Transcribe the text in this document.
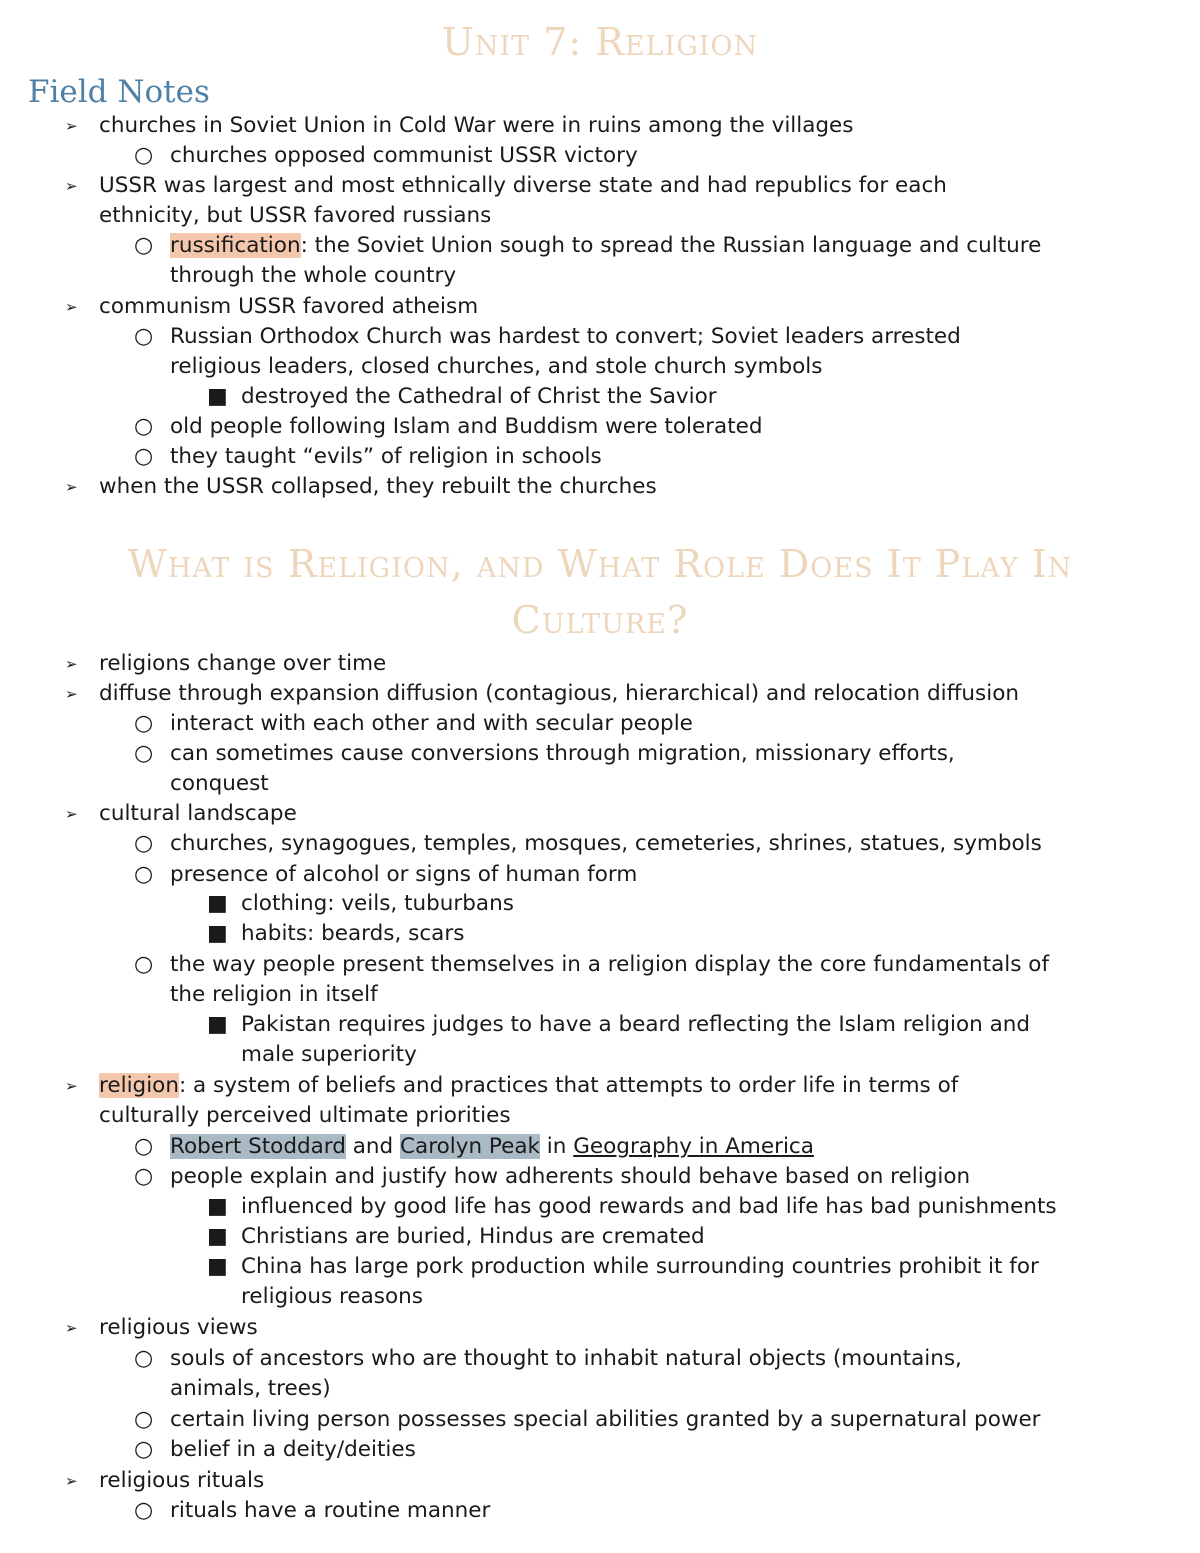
Unit 7: Religion
Field Notes
➢ churches in Soviet Union in Cold War were in ruins among the villages
○ churches opposed communist USSR victory
➢ USSR was largest and most ethnically diverse state and had republics for each
ethnicity, but USSR favored russians
○ russification: the Soviet Union sough to spread the Russian language and culture
through the whole country
➢ communism USSR favored atheism
○ Russian Orthodox Church was hardest to convert; Soviet leaders arrested
religious leaders, closed churches, and stole church symbols
■ destroyed the Cathedral of Christ the Savior
○ old people following Islam and Buddism were tolerated
○ they taught “evils” of religion in schools
➢ when the USSR collapsed, they rebuilt the churches
What is Religion, and What Role Does It Play In Culture?
➢ religions change over time
➢ diffuse through expansion diffusion (contagious, hierarchical) and relocation diffusion
○ interact with each other and with secular people
○ can sometimes cause conversions through migration, missionary efforts,
conquest
➢ cultural landscape
○ churches, synagogues, temples, mosques, cemeteries, shrines, statues, symbols
○ presence of alcohol or signs of human form
■ clothing: veils, tuburbans
■ habits: beards, scars
○ the way people present themselves in a religion display the core fundamentals of
the religion in itself
■ Pakistan requires judges to have a beard reflecting the Islam religion and
male superiority
➢ religion: a system of beliefs and practices that attempts to order life in terms of
culturally perceived ultimate priorities
○ Robert Stoddard and Carolyn Peak in Geography in America
○ people explain and justify how adherents should behave based on religion
■ influenced by good life has good rewards and bad life has bad punishments
■ Christians are buried, Hindus are cremated
■ China has large pork production while surrounding countries prohibit it for
religious reasons
➢ religious views
○ souls of ancestors who are thought to inhabit natural objects (mountains,
animals, trees)
○ certain living person possesses special abilities granted by a supernatural power
○ belief in a deity/deities
➢ religious rituals
○ rituals have a routine manner
